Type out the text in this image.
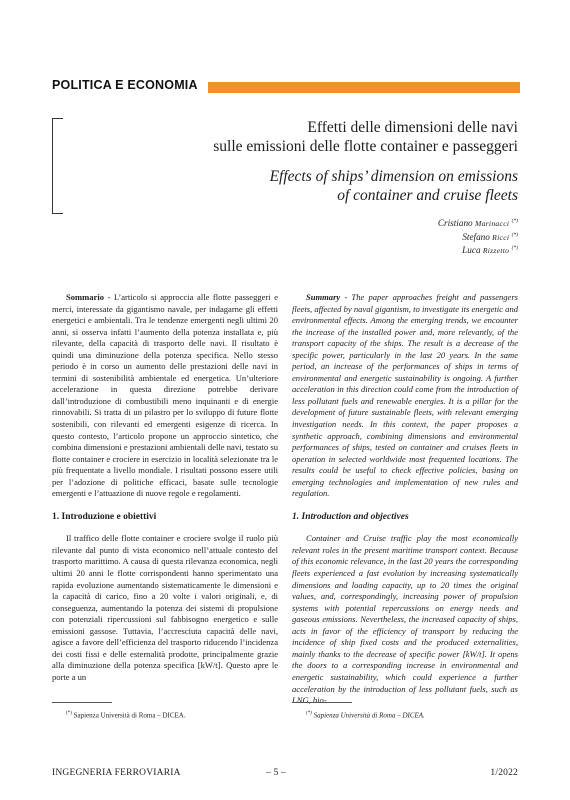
POLITICA E ECONOMIA
Effetti delle dimensioni delle navi
sulle emissioni delle flotte container e passeggeri
Effects of ships’ dimension on emissions
of container and cruise fleets
Cristiano Marinacci (*)
Stefano Ricci (*)
Luca Rizzetto (*)

Sommario - L’articolo si approccia alle flotte passeggeri e merci, interessate da gigantismo navale, per indagarne gli effetti energetici e ambientali. Tra le tendenze emergenti negli ultimi 20 anni, si osserva infatti l’aumento della potenza installata e, più rilevante, della capacità di trasporto delle navi. Il risultato è quindi una diminuzione della potenza specifica. Nello stesso periodo è in corso un aumento delle prestazioni delle navi in termini di sostenibilità ambientale ed energetica. Un’ulteriore accelerazione in questa direzione potrebbe derivare dall’introduzione di combustibili meno inquinanti e di energie rinnovabili. Si tratta di un pilastro per lo sviluppo di future flotte sostenibili, con rilevanti ed emergenti esigenze di ricerca. In questo contesto, l’articolo propone un approccio sintetico, che combina dimensioni e prestazioni ambientali delle navi, testato su flotte container e crociere in esercizio in località selezionate tra le più frequentate a livello mondiale. I risultati possono essere utili per l’adozione di politiche efficaci, basate sulle tecnologie emergenti e l’attuazione di nuove regole e regolamenti.

1. Introduzione e obiettivi

Il traffico delle flotte container e crociere svolge il ruolo più rilevante dal punto di vista economico nell’attuale contesto del trasporto marittimo. A causa di questa rilevanza economica, negli ultimi 20 anni le flotte corrispondenti hanno sperimentato una rapida evoluzione aumentando sistematicamente le dimensioni e la capacità di carico, fino a 20 volte i valori originali, e, di conseguenza, aumentando la potenza dei sistemi di propulsione con potenziali ripercussioni sul fabbisogno energetico e sulle emissioni gassose. Tuttavia, l’accresciuta capacità delle navi, agisce a favore dell’efficienza del trasporto riducendo l’incidenza dei costi fissi e delle esternalità prodotte, principalmente grazie alla diminuzione della potenza specifica [kW/t]. Questo apre le porte a un

Summary - The paper approaches freight and passengers fleets, affected by naval gigantism, to investigate its energetic and environmental effects. Among the emerging trends, we encounter the increase of the installed power and, more relevantly, of the transport capacity of the ships. The result is a decrease of the specific power, particularly in the last 20 years. In the same period, an increase of the performances of ships in terms of environmental and energetic sustainability is ongoing. A further acceleration in this direction could come from the introduction of less pollutant fuels and renewable energies. It is a pillar for the development of future sustainable fleets, with relevant emerging investigation needs. In this context, the paper proposes a synthetic approach, combining dimensions and environmental performances of ships, tested on container and cruises fleets in operation in selected worldwide most frequented locations. The results could be useful to check effective policies, basing on emerging technologies and implementation of new rules and regulation.

1. Introduction and objectives

Container and Cruise traffic play the most economically relevant roles in the present maritime transport context. Because of this economic relevance, in the last 20 years the corresponding fleets experienced a fast evolution by increasing systematically dimensions and loading capacity, up to 20 times the original values, and, correspondingly, increasing power of propulsion systems with potential repercussions on energy needs and gaseous emissions. Nevertheless, the increased capacity of ships, acts in favor of the efficiency of transport by reducing the incidence of ship fixed costs and the produced externalities, mainly thanks to the decrease of specific power [kW/t]. It opens the doors to a corresponding increase in environmental and energetic sustainability, which could experience a further acceleration by the introduction of less pollutant fuels, such as LNG, bio-

(*) Sapienza Università di Roma – DICEA.	(*) Sapienza Università di Roma – DICEA.
INGEGNERIA FERROVIARIA	– 5 –	1/2022
